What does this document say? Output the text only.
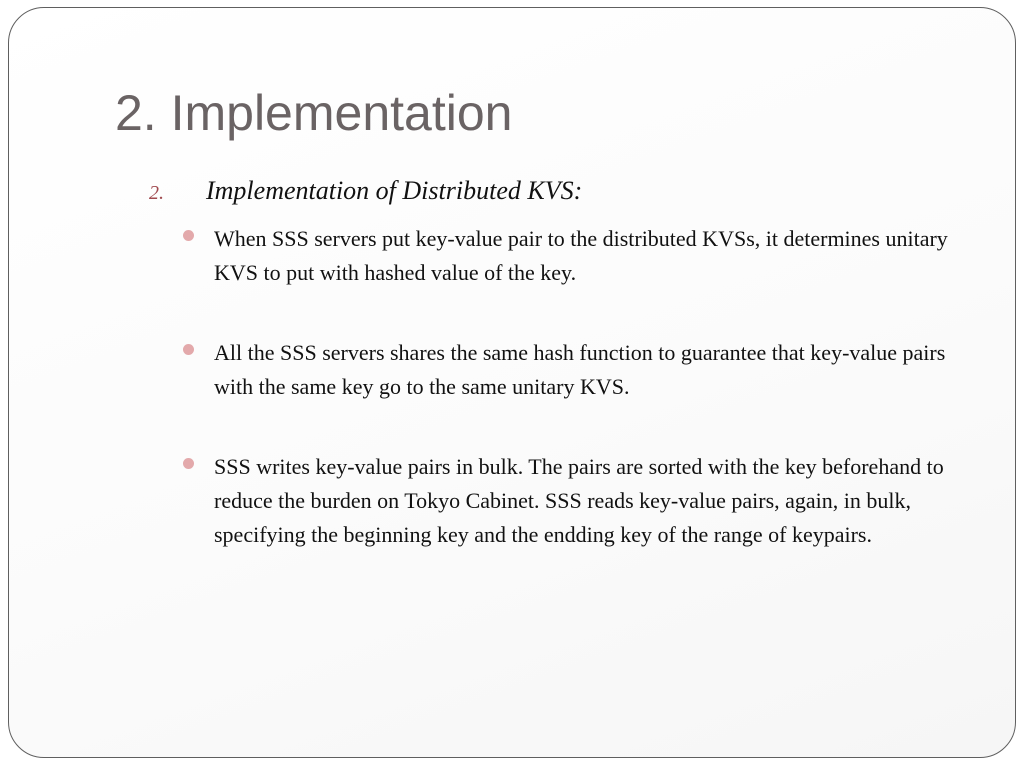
2. Implementation
2. Implementation of Distributed KVS:

When SSS servers put key-value pair to the distributed KVSs, it determines unitary KVS to put with hashed value of the key.

All the SSS servers shares the same hash function to guarantee that key-value pairs with the same key go to the same unitary KVS.

SSS writes key-value pairs in bulk. The pairs are sorted with the key beforehand to reduce the burden on Tokyo Cabinet. SSS reads key-value pairs, again, in bulk, specifying the beginning key and the endding key of the range of keypairs.
